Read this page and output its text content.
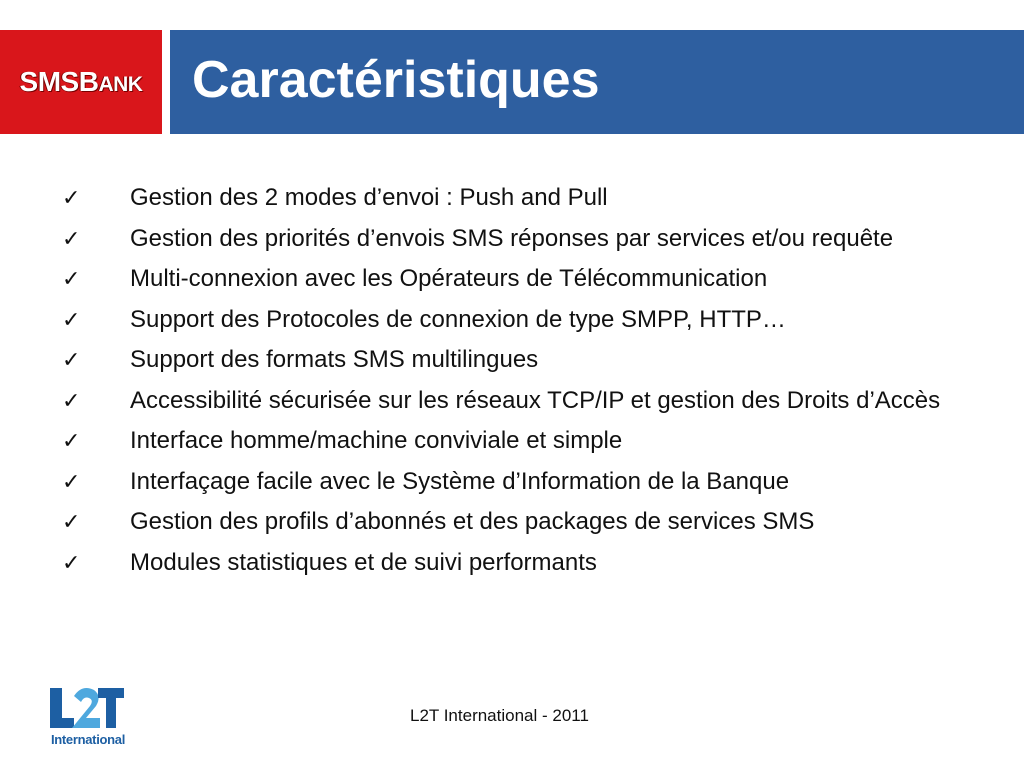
SMSBANK Caractéristiques
✓ Gestion des 2 modes d’envoi : Push and Pull
✓ Gestion des priorités d’envois SMS réponses par services et/ou requête
✓ Multi-connexion avec les Opérateurs de Télécommunication
✓ Support des Protocoles de connexion de type SMPP, HTTP…
✓ Support des formats SMS multilingues
✓ Accessibilité sécurisée sur les réseaux TCP/IP et gestion des Droits d’Accès
✓ Interface homme/machine conviviale et simple
✓ Interfaçage facile avec le Système d’Information de la Banque
✓ Gestion des profils d’abonnés et des packages de services SMS
✓ Modules statistiques et de suivi performants
International
L2T International - 2011
